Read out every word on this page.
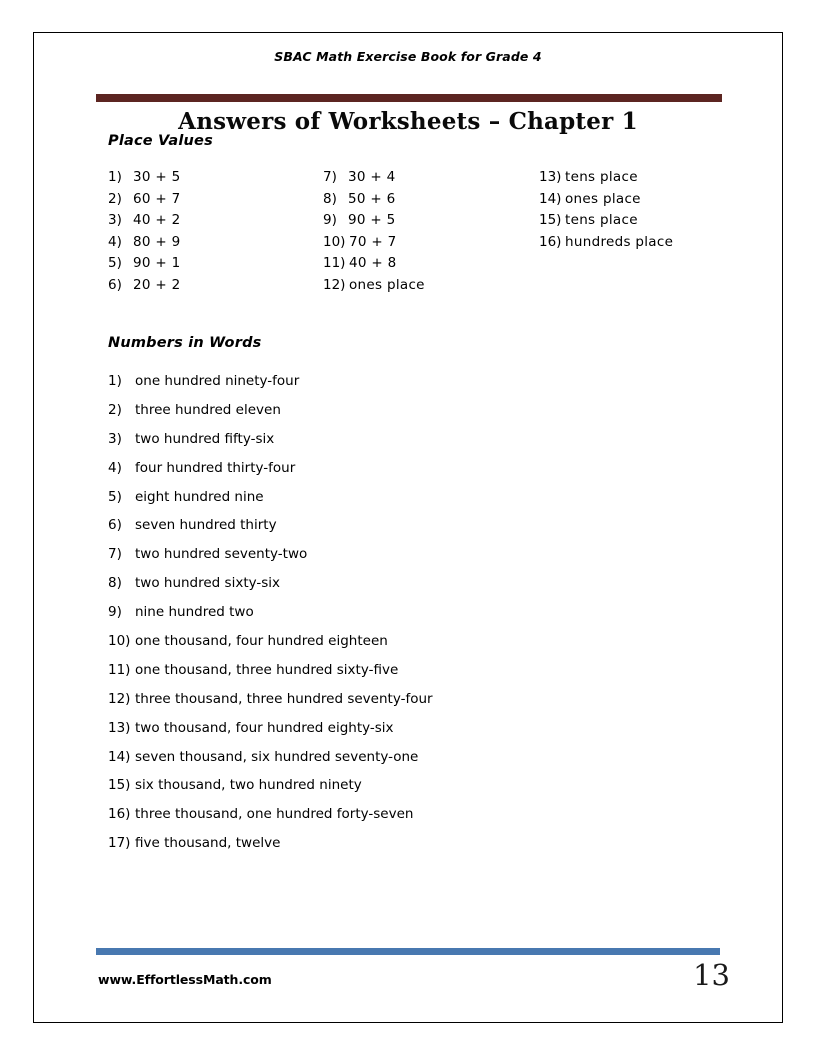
SBAC Math Exercise Book for Grade 4
Answers of Worksheets – Chapter 1
Place Values
1) 30 + 5
2) 60 + 7
3) 40 + 2
4) 80 + 9
5) 90 + 1
6) 20 + 2
7) 30 + 4
8) 50 + 6
9) 90 + 5
10) 70 + 7
11) 40 + 8
12) ones place
13) tens place
14) ones place
15) tens place
16) hundreds place
Numbers in Words
1) one hundred ninety-four
2) three hundred eleven
3) two hundred fifty-six
4) four hundred thirty-four
5) eight hundred nine
6) seven hundred thirty
7) two hundred seventy-two
8) two hundred sixty-six
9) nine hundred two
10) one thousand, four hundred eighteen
11) one thousand, three hundred sixty-five
12) three thousand, three hundred seventy-four
13) two thousand, four hundred eighty-six
14) seven thousand, six hundred seventy-one
15) six thousand, two hundred ninety
16) three thousand, one hundred forty-seven
17) five thousand, twelve
www.EffortlessMath.com	13
